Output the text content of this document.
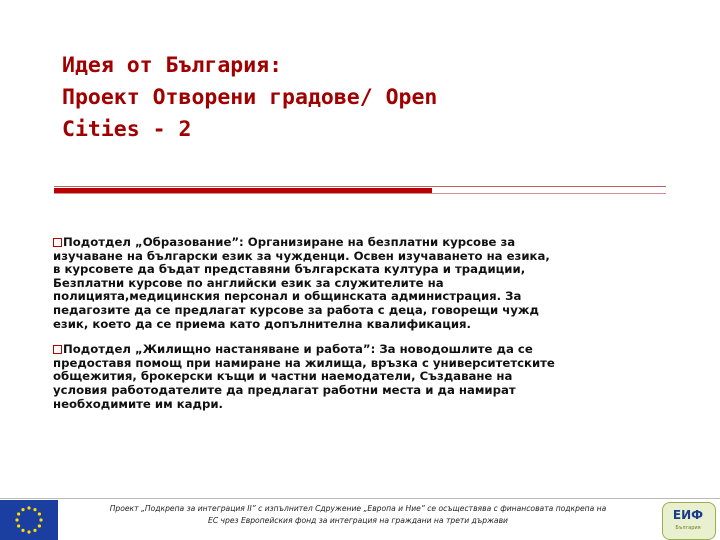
Идея от България:
Проект Отворени градове/ Open
Cities - 2
Подотдел „Образование”: Организиране на безплатни курсове за
изучаване на български език за чужденци. Освен изучаването на езика,
в курсовете да бъдат представяни българската култура и традиции,
Безплатни курсове по английски език за служителите на
полицията,медицинския персонал и общинската администрация. За
педагозите да се предлагат курсове за работа с деца, говорещи чужд
език, което да се приема като допълнителна квалификация.
Подотдел „Жилищно настаняване и работа”: За новодошлите да се
предоставя помощ при намиране на жилища, връзка с университетските
общежития, брокерски къщи и частни наемодатели, Създаване на
условия работодателите да предлагат работни места и да намират
необходимите им кадри.
Проект „Подкрепа за интеграция ІІ” с изпълнител Сдружение „Европа и Ние” се осъществява с финансовата подкрепа на
ЕС чрез Европейския фонд за интеграция на граждани на трети държави	ЕИФ
България
